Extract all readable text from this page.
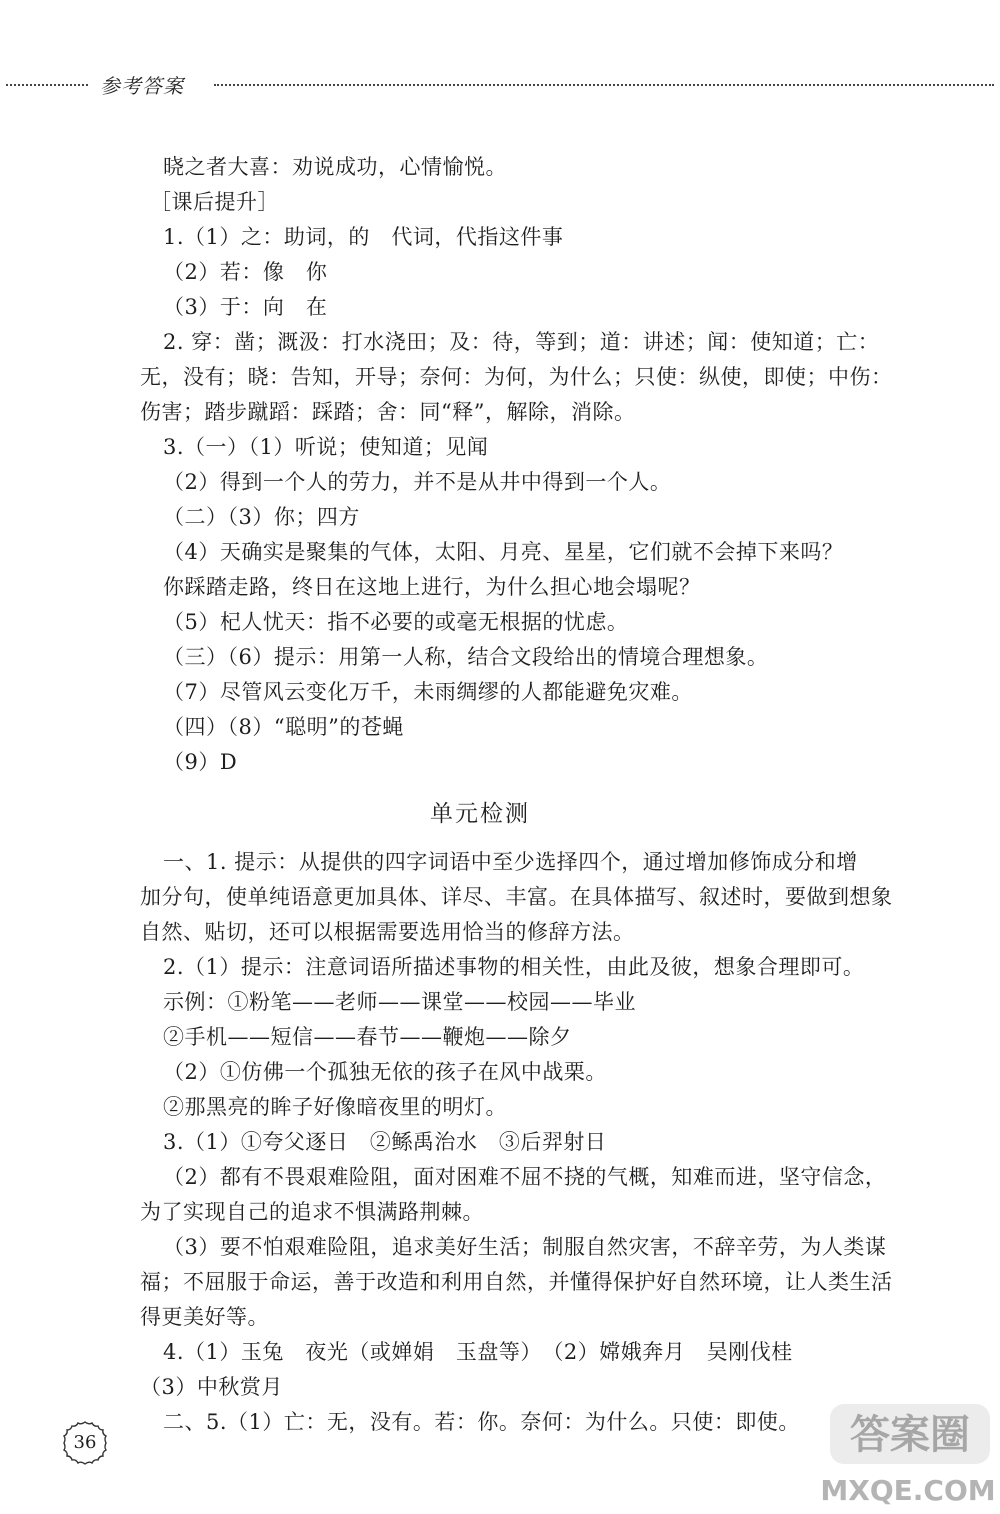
参考答案
晓之者大喜：劝说成功，心情愉悦。
［课后提升］
1.（1）之：助词，的　代词，代指这件事
（2）若：像　你
（3）于：向　在
2. 穿：凿；溉汲：打水浇田；及：待，等到；道：讲述；闻：使知道；亡：
无，没有；晓：告知，开导；奈何：为何，为什么；只使：纵使，即使；中伤：
伤害；踏步蹴蹈：踩踏；舍：同“释”，解除，消除。
3.（一）（1）听说；使知道；见闻
（2）得到一个人的劳力，并不是从井中得到一个人。
（二）（3）你；四方
（4）天确实是聚集的气体，太阳、月亮、星星，它们就不会掉下来吗？
你踩踏走路，终日在这地上进行，为什么担心地会塌呢？
（5）杞人忧天：指不必要的或毫无根据的忧虑。
（三）（6）提示：用第一人称，结合文段给出的情境合理想象。
（7）尽管风云变化万千，未雨绸缪的人都能避免灾难。
（四）（8）“聪明”的苍蝇
（9）D
单元检测
一、1. 提示：从提供的四字词语中至少选择四个，通过增加修饰成分和增
加分句，使单纯语意更加具体、详尽、丰富。在具体描写、叙述时，要做到想象
自然、贴切，还可以根据需要选用恰当的修辞方法。
2.（1）提示：注意词语所描述事物的相关性，由此及彼，想象合理即可。
示例：①粉笔——老师——课堂——校园——毕业
②手机——短信——春节——鞭炮——除夕
（2）①仿佛一个孤独无依的孩子在风中战栗。
②那黑亮的眸子好像暗夜里的明灯。
3.（1）①夸父逐日　②鲧禹治水　③后羿射日
（2）都有不畏艰难险阻，面对困难不屈不挠的气概，知难而进，坚守信念，
为了实现自己的追求不惧满路荆棘。
（3）要不怕艰难险阻，追求美好生活；制服自然灾害，不辞辛劳，为人类谋
福；不屈服于命运，善于改造和利用自然，并懂得保护好自然环境，让人类生活
得更美好等。
4.（1）玉兔　夜光（或婵娟　玉盘等）　（2）嫦娥奔月　吴刚伐桂
（3）中秋赏月
二、5.（1）亡：无，没有。若：你。奈何：为什么。只使：即使。
36	答案圈
MXQE.COM
